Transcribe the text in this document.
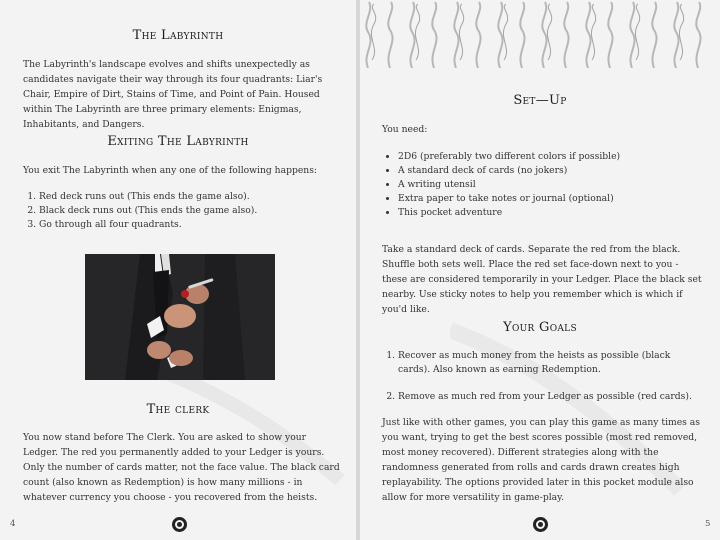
The Labyrinth
The Labyrinth's landscape evolves and shifts unexpectedly as candidates navigate their way through its four quadrants: Liar's Chair, Empire of Dirt, Stains of Time, and Point of Pain. Housed within The Labyrinth are three primary elements: Enigmas, Inhabitants, and Dangers.
Exiting The Labyrinth
You exit The Labyrinth when any one of the following happens:
1. Red deck runs out (This ends the game also).
2. Black deck runs out (This ends the game also).
3. Go through all four quadrants.
The clerk
You now stand before The Clerk. You are asked to show your Ledger. The red you permanently added to your Ledger is yours. Only the number of cards matter, not the face value. The black card count (also known as Redemption) is how many millions - in whatever currency you choose - you recovered from the heists.
4
Set—Up
You need:
• 2D6 (preferably two different colors if possible)
• A standard deck of cards (no jokers)
• A writing utensil
• Extra paper to take notes or journal (optional)
• This pocket adventure
Take a standard deck of cards. Separate the red from the black. Shuffle both sets well. Place the red set face-down next to you - these are considered temporarily in your Ledger. Place the black set nearby. Use sticky notes to help you remember which is which if you'd like.
Your Goals
1. Recover as much money from the heists as possible (black cards). Also known as earning Redemption.
2. Remove as much red from your Ledger as possible (red cards).
Just like with other games, you can play this game as many times as you want, trying to get the best scores possible (most red removed, most money recovered). Different strategies along with the randomness generated from rolls and cards drawn creates high replayability. The options provided later in this pocket module also allow for more versatility in game-play.
5
